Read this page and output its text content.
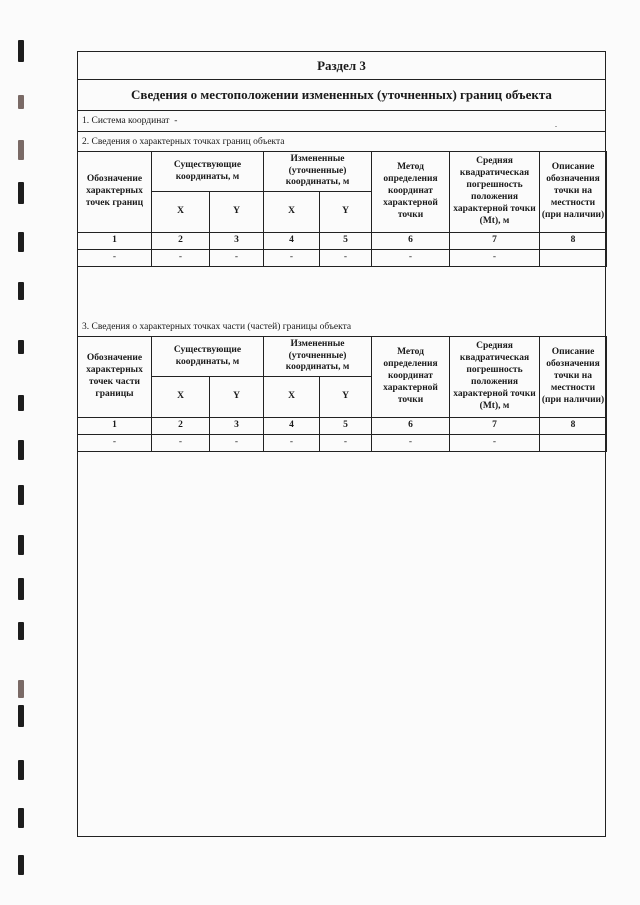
Раздел 3
Сведения о местоположении измененных (уточненных) границ объекта
1. Система координат
-	.
2. Сведения о характерных точках границ объекта
Обозначение характерных точек границ	Существующие координаты, м		Измененные (уточненные) координаты, м		Метод определения координат характерной точки	Средняя квадратическая погрешность положения характерной точки (Mt), м	Описание обозначения точки на местности (при наличии)
	X	Y	X	Y			
1	2	3	4	5	6	7	8
-	-	-	-	-	-	-	
3. Сведения о характерных точках части (частей) границы объекта
Обозначение характерных точек части границы	Существующие координаты, м		Измененные (уточненные) координаты, м		Метод определения координат характерной точки	Средняя квадратическая погрешность положения характерной точки (Mt), м	Описание обозначения точки на местности (при наличии)
	X	Y	X	Y			
1	2	3	4	5	6	7	8
-	-	-	-	-	-	-	
